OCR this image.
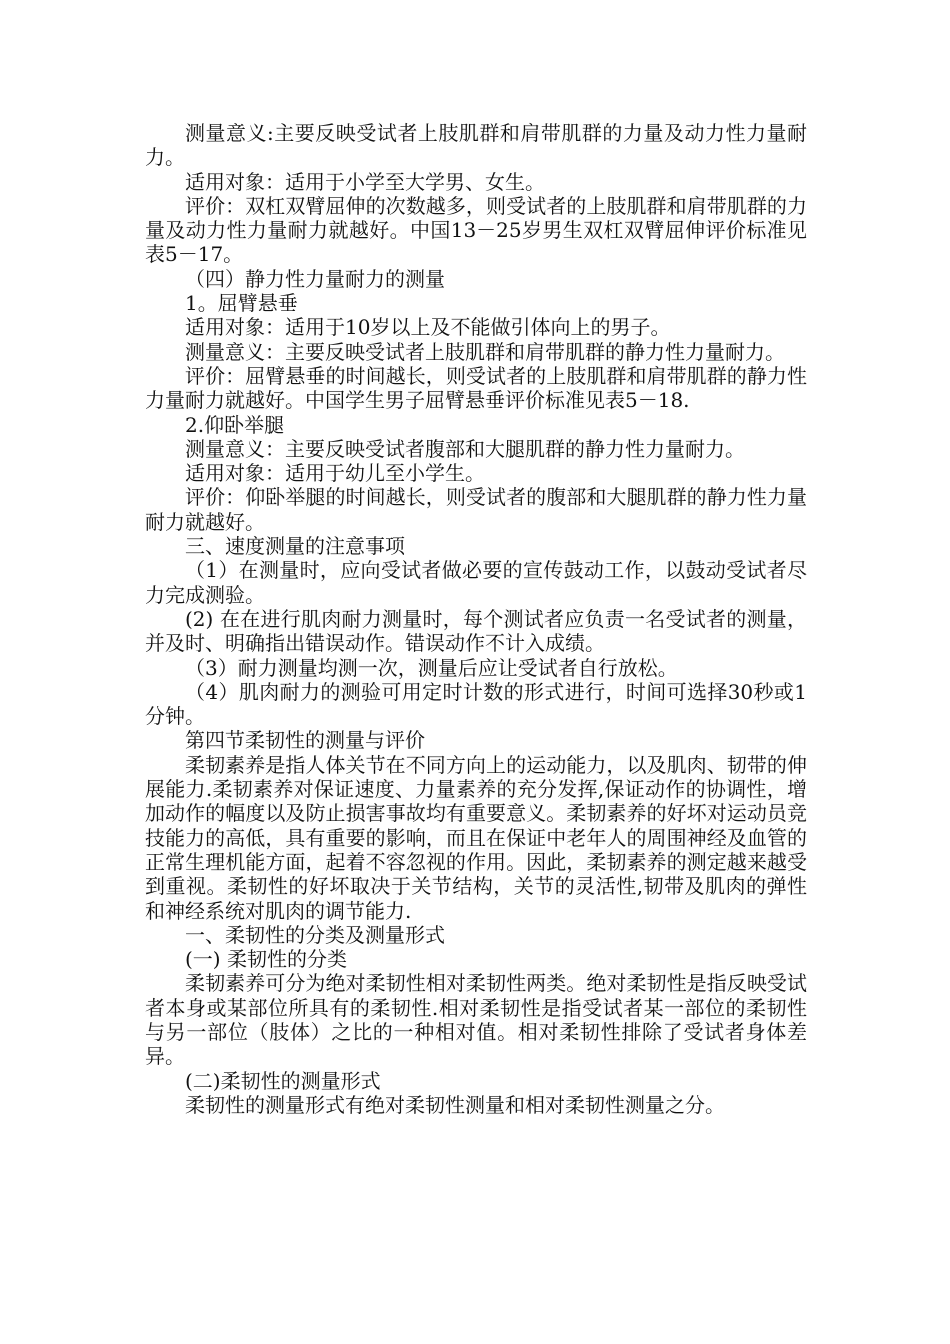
测量意义:主要反映受试者上肢肌群和肩带肌群的力量及动力性力量耐力。

适用对象：适用于小学至大学男、女生。

评价：双杠双臂屈伸的次数越多，则受试者的上肢肌群和肩带肌群的力量及动力性力量耐力就越好。中国13－25岁男生双杠双臂屈伸评价标准见表5－17。

（四）静力性力量耐力的测量

1。屈臂悬垂

适用对象：适用于10岁以上及不能做引体向上的男子。

测量意义：主要反映受试者上肢肌群和肩带肌群的静力性力量耐力。

评价：屈臂悬垂的时间越长，则受试者的上肢肌群和肩带肌群的静力性力量耐力就越好。中国学生男子屈臂悬垂评价标准见表5－18.

2.仰卧举腿

测量意义：主要反映受试者腹部和大腿肌群的静力性力量耐力。

适用对象：适用于幼儿至小学生。

评价：仰卧举腿的时间越长，则受试者的腹部和大腿肌群的静力性力量耐力就越好。

三、速度测量的注意事项

（1）在测量时，应向受试者做必要的宣传鼓动工作，以鼓动受试者尽力完成测验。

(2) 在在进行肌肉耐力测量时，每个测试者应负责一名受试者的测量，并及时、明确指出错误动作。错误动作不计入成绩。

（3）耐力测量均测一次，测量后应让受试者自行放松。

（4）肌肉耐力的测验可用定时计数的形式进行，时间可选择30秒或1分钟。

第四节柔韧性的测量与评价

柔韧素养是指人体关节在不同方向上的运动能力，以及肌肉、韧带的伸展能力.柔韧素养对保证速度、力量素养的充分发挥,保证动作的协调性，增加动作的幅度以及防止损害事故均有重要意义。柔韧素养的好坏对运动员竞技能力的高低，具有重要的影响，而且在保证中老年人的周围神经及血管的正常生理机能方面，起着不容忽视的作用。因此，柔韧素养的测定越来越受到重视。柔韧性的好坏取决于关节结构，关节的灵活性,韧带及肌肉的弹性和神经系统对肌肉的调节能力.

一、柔韧性的分类及测量形式

(一) 柔韧性的分类

柔韧素养可分为绝对柔韧性相对柔韧性两类。绝对柔韧性是指反映受试者本身或某部位所具有的柔韧性.相对柔韧性是指受试者某一部位的柔韧性与另一部位（肢体）之比的一种相对值。相对柔韧性排除了受试者身体差异。

(二)柔韧性的测量形式

柔韧性的测量形式有绝对柔韧性测量和相对柔韧性测量之分。
